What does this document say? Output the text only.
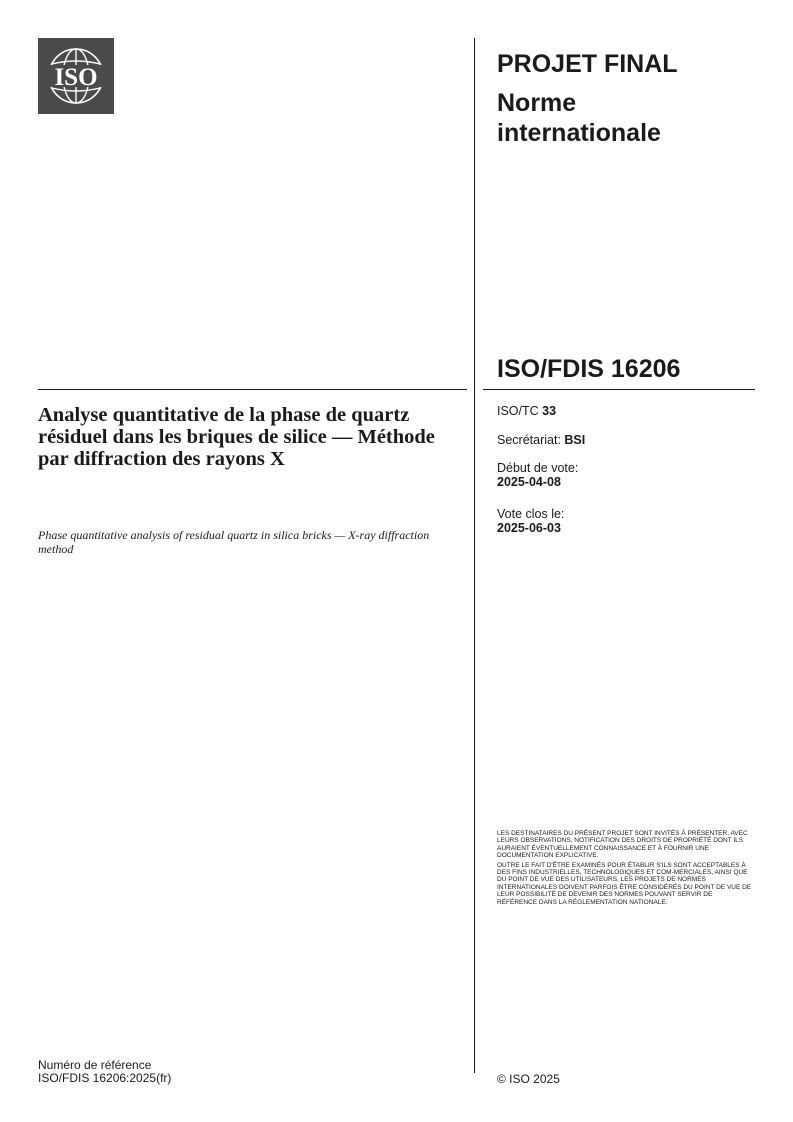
ISO	PROJET FINAL
Norme
internationale
ISO/FDIS 16206
Analyse quantitative de la phase de quartz résiduel dans les briques de silice — Méthode par diffraction des rayons X
Phase quantitative analysis of residual quartz in silica bricks — X-ray diffraction method
ISO/TC 33
Secrétariat: BSI
Début de vote:
2025-04-08
Vote clos le:
2025-06-03

LES DESTINATAIRES DU PRÉSENT PROJET SONT INVITÉS À PRÉSENTER, AVEC LEURS OBSERVATIONS, NOTIFICATION DES DROITS DE PROPRIÉTÉ DONT ILS AURAIENT ÉVENTUELLEMENT CONNAISSANCE ET À FOURNIR UNE DOCUMENTATION EXPLICATIVE.

OUTRE LE FAIT D'ÊTRE EXAMINÉS POUR ÉTABLIR S'ILS SONT ACCEPTABLES À DES FINS INDUSTRIELLES, TECHNOLOGIQUES ET COM-MERCIALES, AINSI QUE DU POINT DE VUE DES UTILISATEURS, LES PROJETS DE NORMES INTERNATIONALES DOIVENT PARFOIS ÊTRE CONSIDÉRÉS DU POINT DE VUE DE LEUR POSSIBILITÉ DE DEVENIR DES NORMES POUVANT SERVIR DE RÉFÉRENCE DANS LA RÉGLEMENTATION NATIONALE.

Numéro de référence
ISO/FDIS 16206:2025(fr)	© ISO 2025
